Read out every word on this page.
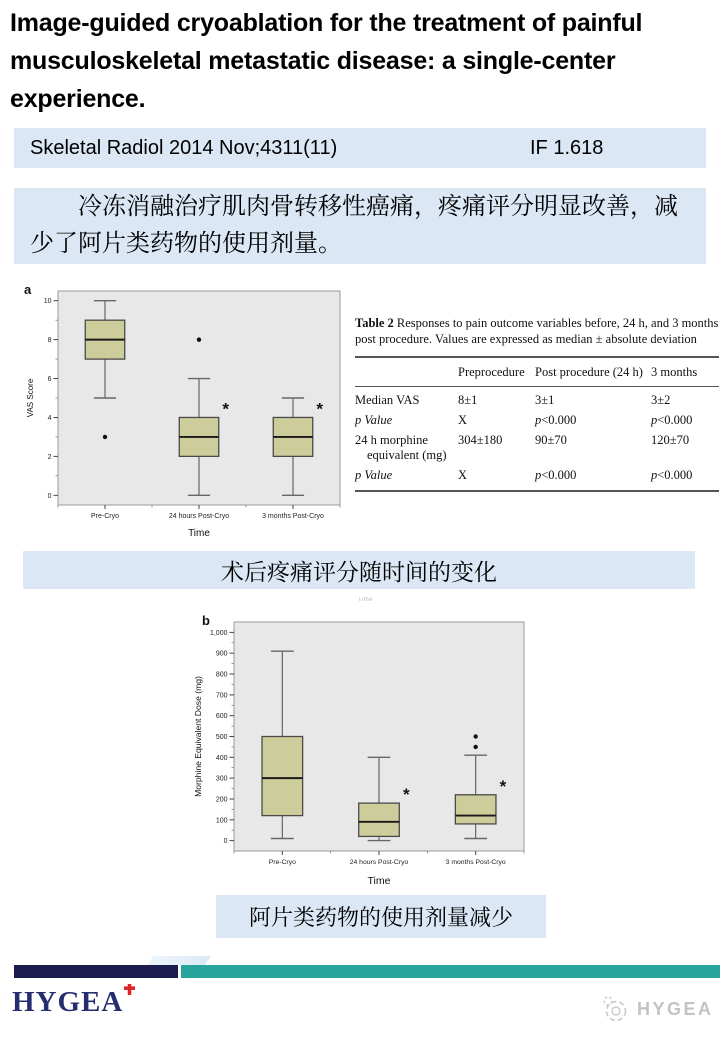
Image-guided cryoablation for the treatment of painful musculoskeletal metastatic disease: a single-center experience.
Skeletal Radiol 2014 Nov;4311(11)	IF 1.618

冷冻消融治疗肌肉骨转移性癌痛，疼痛评分明显改善，减少了阿片类药物的使用剂量。

0
2
4
6
8
10
Pre-Cryo	24 hours Post-Cryo	3 months Post-Cryo
*	*
Time
VAS Score
a
Table 2 Responses to pain outcome variables before, 24 h, and 3 months post procedure. Values are expressed as median ± absolute deviation
	Preprocedure	Post procedure (24 h)	3 months
Median VAS	8±1	3±1	3±2
p Value	X	p<0.000	p<0.000
24 h morphine equivalent (mg)	304±180	90±70	120±70
p Value	X	p<0.000	p<0.000
术后疼痛评分随时间的变化
Time
0
100
200
300
400
500
600
700
800
900
1,000
Pre-Cryo	24 hours Post-Cryo	3 months Post-Cryo
*	*
Time
Morphine Equivalent Dose (mg)
b
阿片类药物的使用剂量减少
HYGEA	HYGEA
